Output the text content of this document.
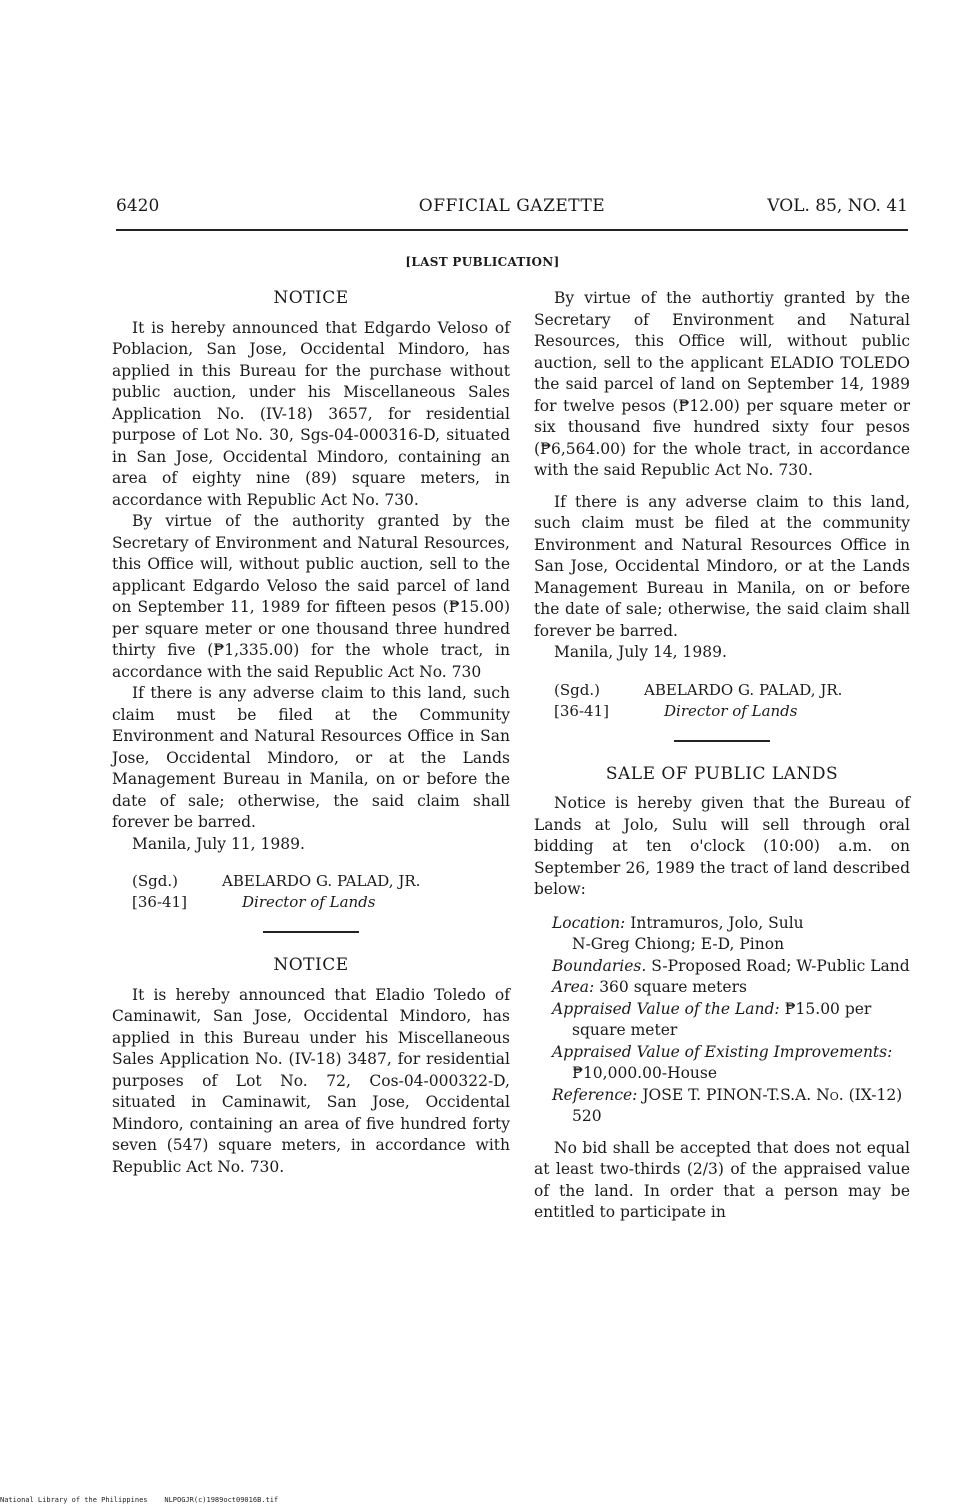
6420	OFFICIAL GAZETTE	VOL. 85, NO. 41
[LAST PUBLICATION]
NOTICE

It is hereby announced that Edgardo Veloso of Poblacion, San Jose, Occidental Mindoro, has applied in this Bureau for the purchase without public auction, under his Miscellaneous Sales Application No. (IV-18) 3657, for residential purpose of Lot No. 30, Sgs-04-000316-D, situated in San Jose, Occidental Mindoro, containing an area of eighty nine (89) square meters, in accordance with Republic Act No. 730.

By virtue of the authority granted by the Secretary of Environment and Natural Resources, this Office will, without public auction, sell to the applicant Edgardo Veloso the said parcel of land on September 11, 1989 for fifteen pesos (₱15.00) per square meter or one thousand three hundred thirty five (₱1,335.00) for the whole tract, in accordance with the said Republic Act No. 730

If there is any adverse claim to this land, such claim must be filed at the Community Environment and Natural Resources Office in San Jose, Occidental Mindoro, or at the Lands Management Bureau in Manila, on or before the date of sale; otherwise, the said claim shall forever be barred.

Manila, July 11, 1989.

(Sgd.)	ABELARDO G. PALAD, JR.
[36-41]	Director of Lands
NOTICE

It is hereby announced that Eladio Toledo of Caminawit, San Jose, Occidental Mindoro, has applied in this Bureau under his Miscellaneous Sales Application No. (IV-18) 3487, for residential purposes of Lot No. 72, Cos-04-000322-D, situated in Caminawit, San Jose, Occidental Mindoro, containing an area of five hundred forty seven (547) square meters, in accordance with Republic Act No. 730.

By virtue of the authortiy granted by the Secretary of Environment and Natural Resources, this Office will, without public auction, sell to the applicant ELADIO TOLEDO the said parcel of land on September 14, 1989 for twelve pesos (₱12.00) per square meter or six thousand five hundred sixty four pesos (₱6,564.00) for the whole tract, in accordance with the said Republic Act No. 730.

If there is any adverse claim to this land, such claim must be filed at the community Environment and Natural Resources Office in San Jose, Occidental Mindoro, or at the Lands Management Bureau in Manila, on or before the date of sale; otherwise, the said claim shall forever be barred.

Manila, July 14, 1989.

(Sgd.)	ABELARDO G. PALAD, JR.
[36-41]	Director of Lands
SALE OF PUBLIC LANDS

Notice is hereby given that the Bureau of Lands at Jolo, Sulu will sell through oral bidding at ten o'clock (10:00) a.m. on September 26, 1989 the tract of land described below:

Location: Intramuros, Jolo, Sulu
N-Greg Chiong; E-D, Pinon
Boundaries. S-Proposed Road; W-Public Land
Area: 360 square meters
Appraised Value of the Land: ₱15.00 per square meter
Appraised Value of Existing Improvements: ₱10,000.00-House
Reference: JOSE T. PINON-T.S.A. No. (IX-12) 520

No bid shall be accepted that does not equal at least two-thirds (2/3) of the appraised value of the land. In order that a person may be entitled to participate in

National Library of the Philippines    NLPOGJR(c)1989oct09016B.tif
